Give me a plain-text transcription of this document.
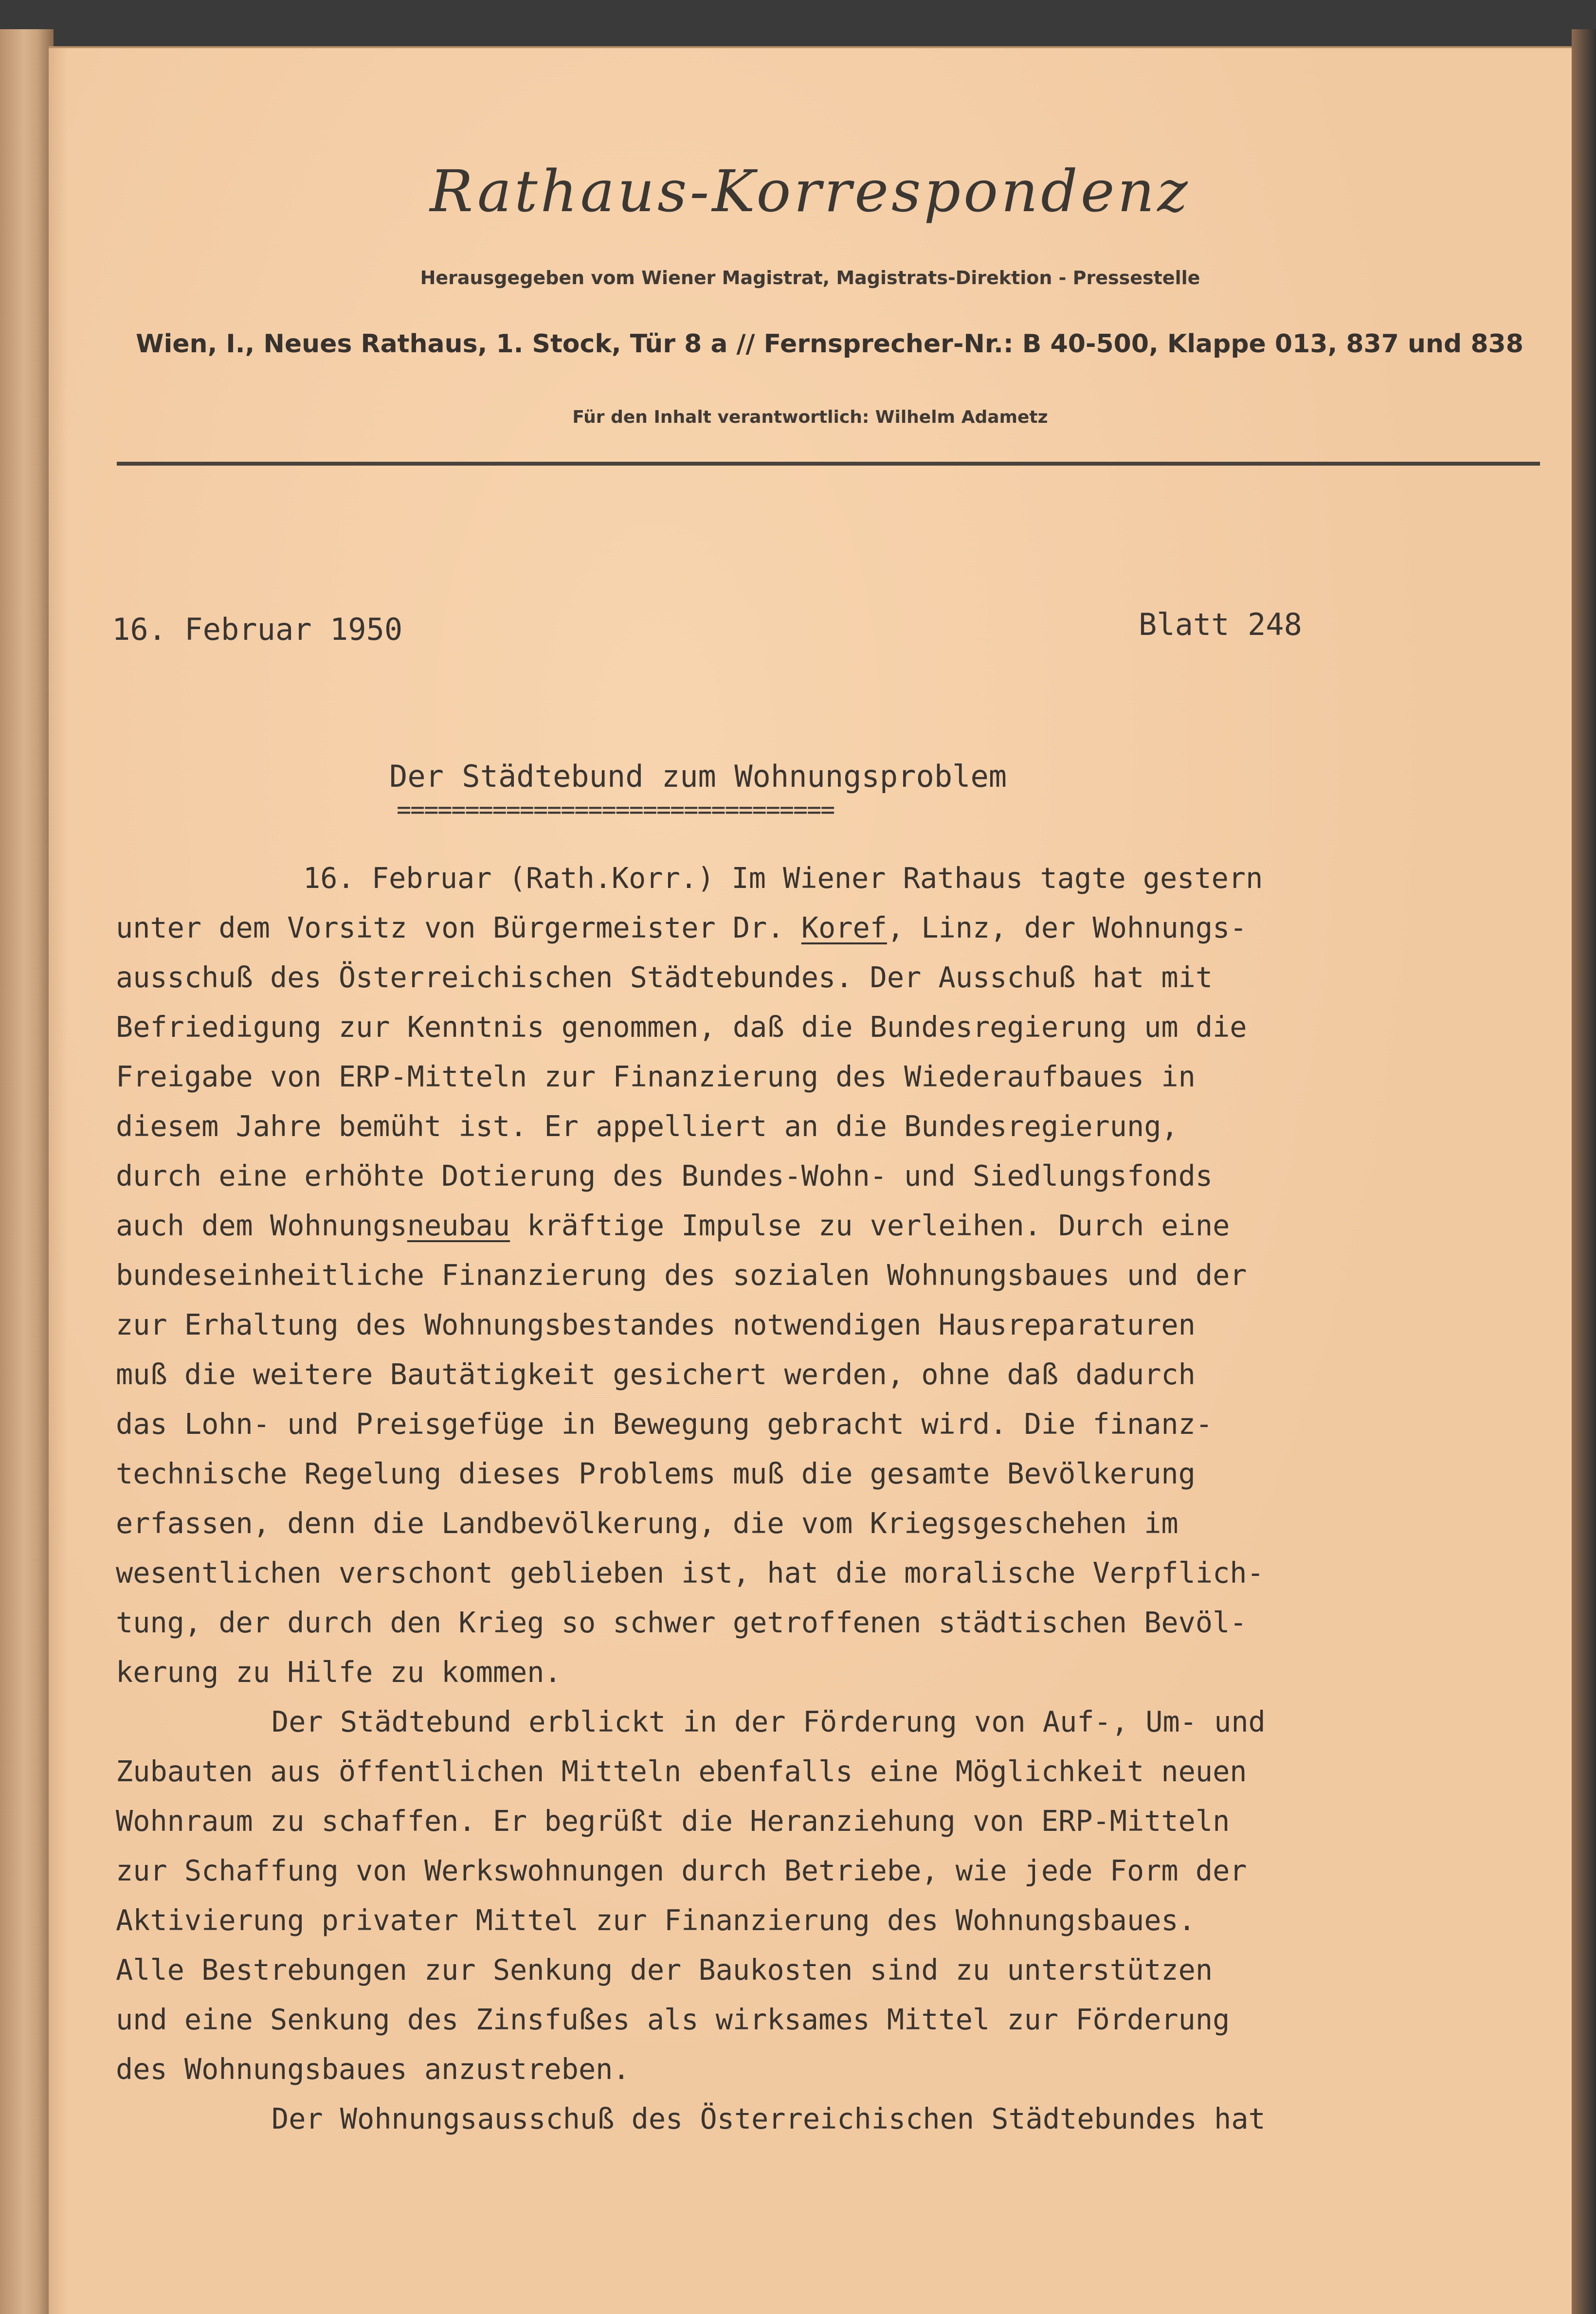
Rathaus-Korrespondenz
Herausgegeben vom Wiener Magistrat, Magistrats-Direktion - Pressestelle
Wien, I., Neues Rathaus, 1. Stock, Tür 8 a // Fernsprecher-Nr.: B 40-500, Klappe 013, 837 und 838
Für den Inhalt verantwortlich: Wilhelm Adametz
16. Februar 1950	Blatt 248
Der Städtebund zum Wohnungsproblem
================================
16. Februar (Rath.Korr.) Im Wiener Rathaus tagte gestern
unter dem Vorsitz von Bürgermeister Dr. Koref, Linz, der Wohnungs-
ausschuß des Österreichischen Städtebundes. Der Ausschuß hat mit
Befriedigung zur Kenntnis genommen, daß die Bundesregierung um die
Freigabe von ERP-Mitteln zur Finanzierung des Wiederaufbaues in
diesem Jahre bemüht ist. Er appelliert an die Bundesregierung,
durch eine erhöhte Dotierung des Bundes-Wohn- und Siedlungsfonds
auch dem Wohnungsneubau kräftige Impulse zu verleihen. Durch eine
bundeseinheitliche Finanzierung des sozialen Wohnungsbaues und der
zur Erhaltung des Wohnungsbestandes notwendigen Hausreparaturen
muß die weitere Bautätigkeit gesichert werden, ohne daß dadurch
das Lohn- und Preisgefüge in Bewegung gebracht wird. Die finanz-
technische Regelung dieses Problems muß die gesamte Bevölkerung
erfassen, denn die Landbevölkerung, die vom Kriegsgeschehen im
wesentlichen verschont geblieben ist, hat die moralische Verpflich-
tung, der durch den Krieg so schwer getroffenen städtischen Bevöl-
kerung zu Hilfe zu kommen.
Der Städtebund erblickt in der Förderung von Auf-, Um- und
Zubauten aus öffentlichen Mitteln ebenfalls eine Möglichkeit neuen
Wohnraum zu schaffen. Er begrüßt die Heranziehung von ERP-Mitteln
zur Schaffung von Werkswohnungen durch Betriebe, wie jede Form der
Aktivierung privater Mittel zur Finanzierung des Wohnungsbaues.
Alle Bestrebungen zur Senkung der Baukosten sind zu unterstützen
und eine Senkung des Zinsfußes als wirksames Mittel zur Förderung
des Wohnungsbaues anzustreben.
Der Wohnungsausschuß des Österreichischen Städtebundes hat
